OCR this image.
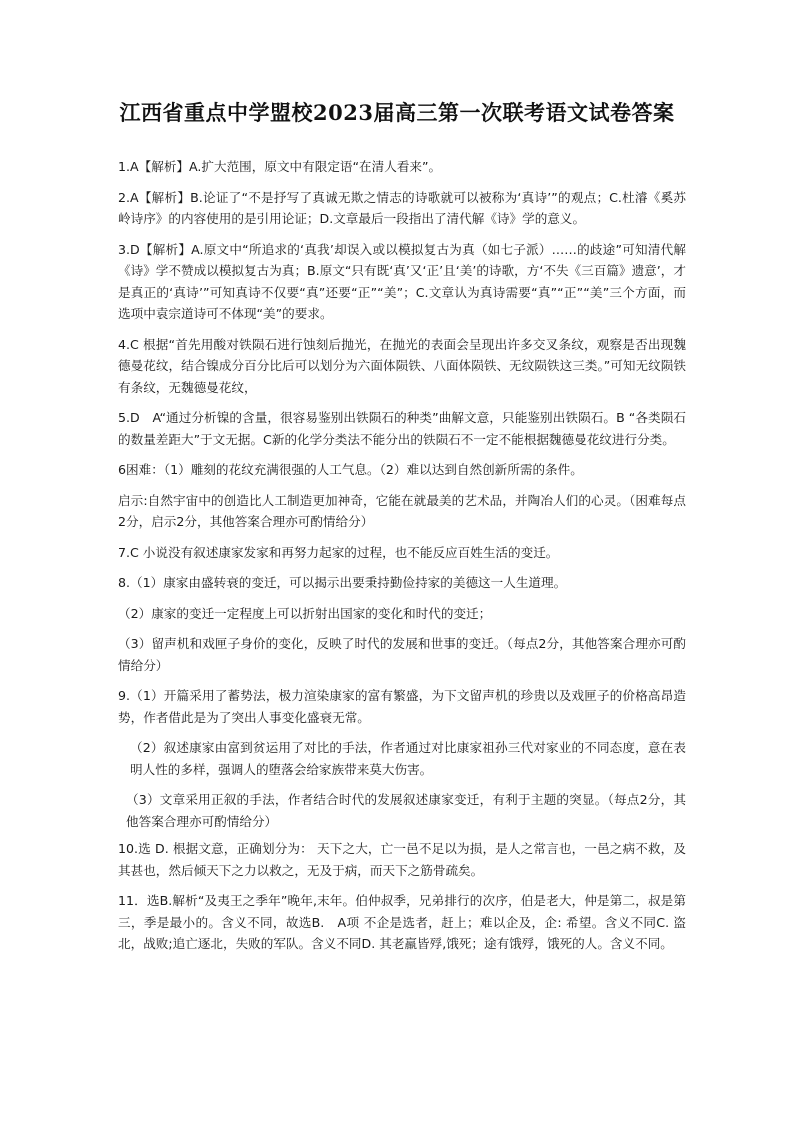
江西省重点中学盟校2023届高三第一次联考语文试卷答案

1.A【解析】A.扩大范围，原文中有限定语“在清人看来”。

2.A【解析】B.论证了“不是抒写了真诚无欺之情志的诗歌就可以被称为‘真诗’”的观点；C.杜濬《奚苏岭诗序》的内容使用的是引用论证；D.文章最后一段指出了清代解《诗》学的意义。

3.D【解析】A.原文中“所追求的‘真我’却误入或以模拟复古为真（如七子派）……的歧途”可知清代解《诗》学不赞成以模拟复古为真；B.原文“只有既‘真’又‘正’且‘美’的诗歌，方‘不失《三百篇》遗意’，才是真正的‘真诗’”可知真诗不仅要“真”还要“正”“美”；C.文章认为真诗需要“真”“正”“美”三个方面，而选项中袁宗道诗可不体现“美”的要求。

4.C 根据“首先用酸对铁陨石进行蚀刻后抛光，在抛光的表面会呈现出许多交叉条纹，观察是否出现魏德曼花纹，结合镍成分百分比后可以划分为六面体陨铁、八面体陨铁、无纹陨铁这三类。”可知无纹陨铁有条纹，无魏德曼花纹，

5.D　A“通过分析镍的含量，很容易鉴别出铁陨石的种类”曲解文意，只能鉴别出铁陨石。B “各类陨石的数量差距大”于文无据。C新的化学分类法不能分出的铁陨石不一定不能根据魏德曼花纹进行分类。

6困难：（1）雕刻的花纹充满很强的人工气息。（2）难以达到自然创新所需的条件。

启示:自然宇宙中的创造比人工制造更加神奇，它能在就最美的艺术品，并陶冶人们的心灵。（困难每点2分，启示2分，其他答案合理亦可酌情给分）

7.C 小说没有叙述康家发家和再努力起家的过程，也不能反应百姓生活的变迁。

8.（1）康家由盛转衰的变迁，可以揭示出要秉持勤俭持家的美德这一人生道理。

（2）康家的变迁一定程度上可以折射出国家的变化和时代的变迁；

（3）留声机和戏匣子身价的变化，反映了时代的发展和世事的变迁。（每点2分，其他答案合理亦可酌情给分）

9.（1）开篇采用了蓄势法，极力渲染康家的富有繁盛，为下文留声机的珍贵以及戏匣子的价格高昂造势，作者借此是为了突出人事变化盛衰无常。

（2）叙述康家由富到贫运用了对比的手法，作者通过对比康家祖孙三代对家业的不同态度，意在表明人性的多样，强调人的堕落会给家族带来莫大伤害。

（3）文章采用正叙的手法，作者结合时代的发展叙述康家变迁，有利于主题的突显。（每点2分，其他答案合理亦可酌情给分）

10.选 D. 根据文意，正确划分为： 天下之大，亡一邑不足以为损，是人之常言也，一邑之病不救，及其甚也，然后倾天下之力以救之，无及于病，而天下之筋骨疏矣。

11．选B.解析“及夷王之季年”晚年,末年。伯仲叔季，兄弟排行的次序，伯是老大，仲是第二，叔是第三，季是最小的。含义不同，故选B.　A项 不企是选者，赶上；难以企及，企: 希望。含义不同C. 盗北，战败;追亡逐北，失败的军队。含义不同D. 其老羸皆殍,饿死；途有饿殍，饿死的人。含义不同。
